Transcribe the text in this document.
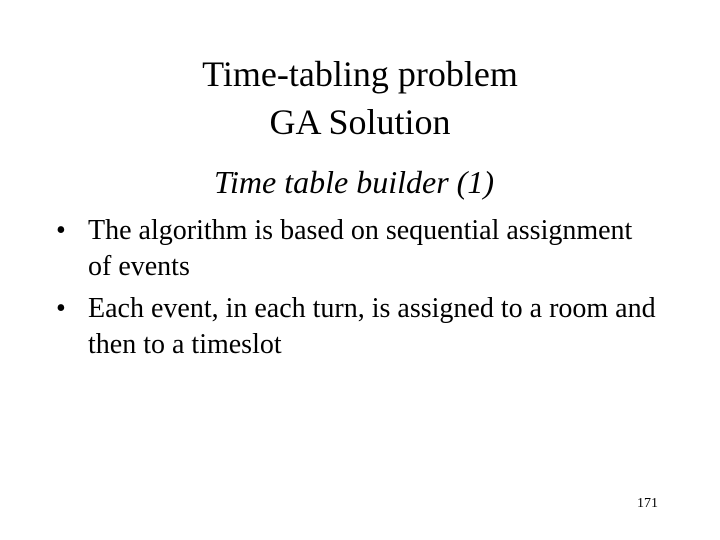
Time-tabling problem
GA Solution
Time table builder (1)
• The algorithm is based on sequential assignment of events
• Each event, in each turn, is assigned to a room and then to a timeslot
171
